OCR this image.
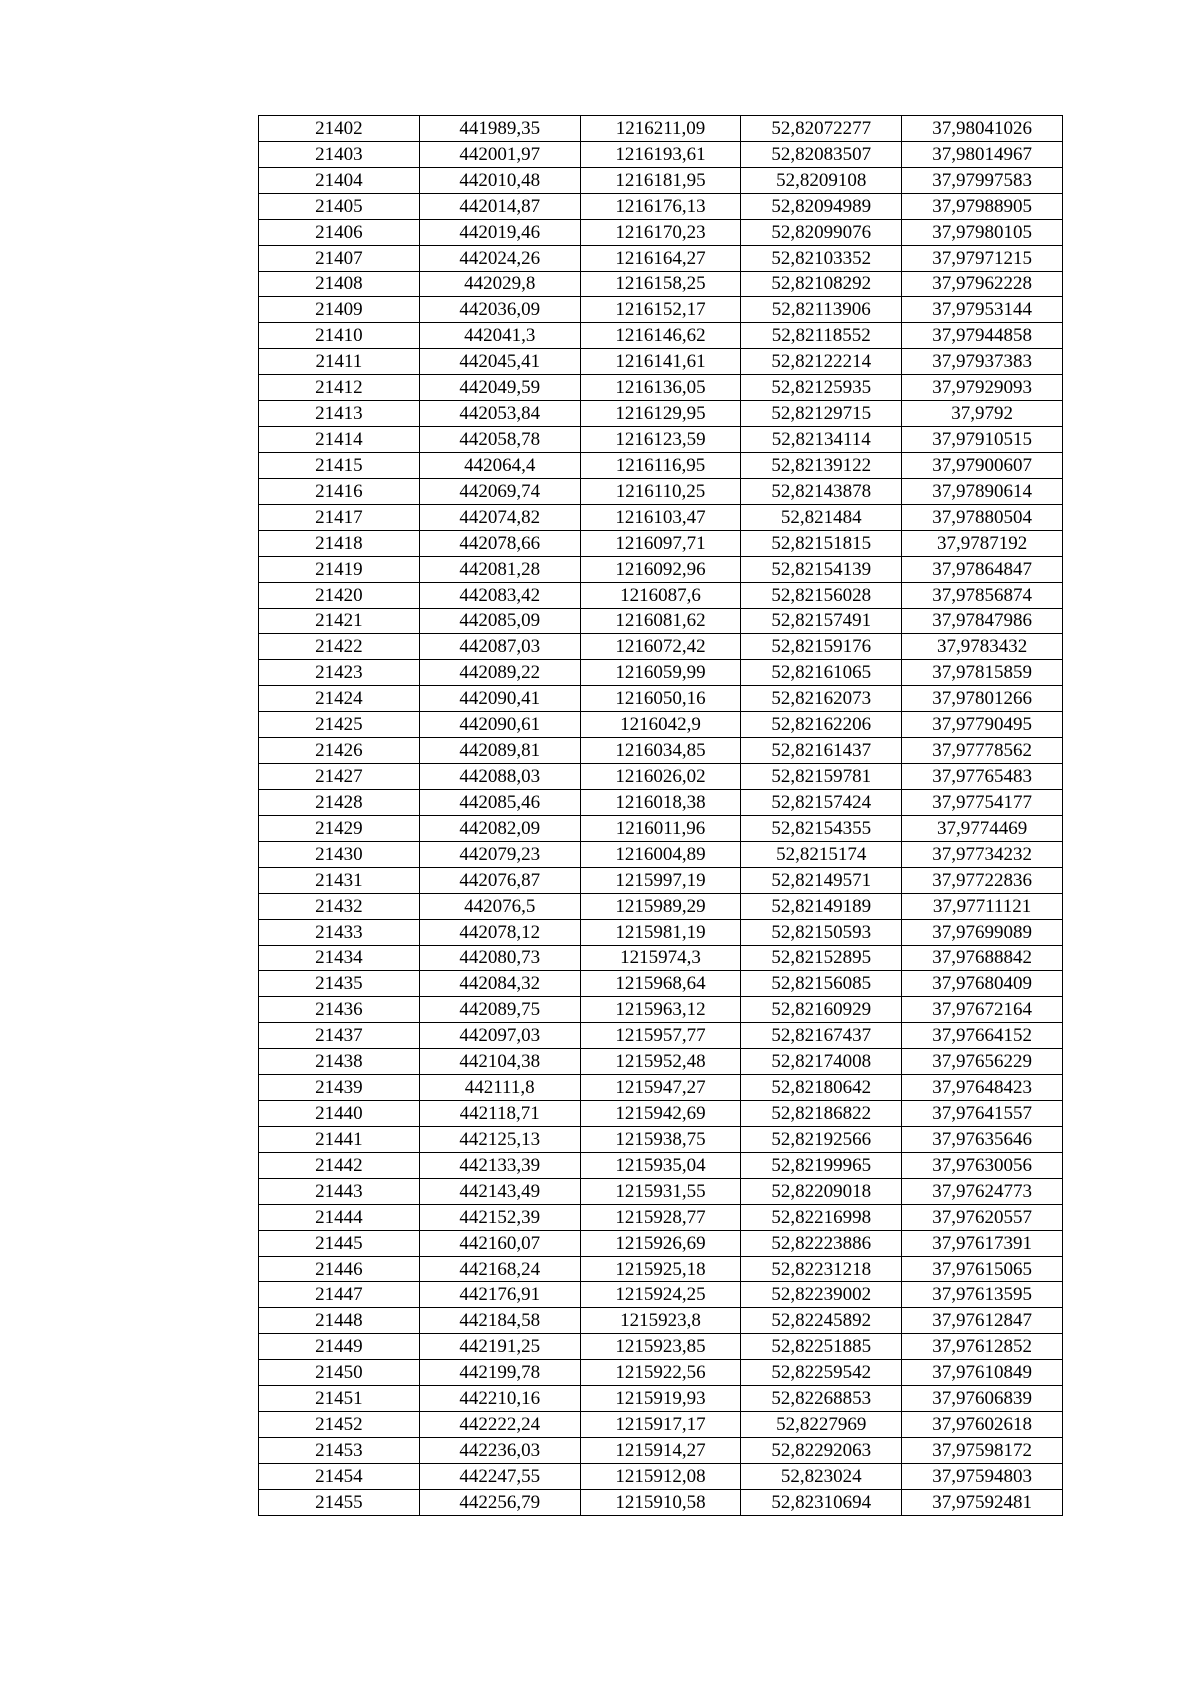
21402	441989,35	1216211,09	52,82072277	37,98041026
21403	442001,97	1216193,61	52,82083507	37,98014967
21404	442010,48	1216181,95	52,8209108	37,97997583
21405	442014,87	1216176,13	52,82094989	37,97988905
21406	442019,46	1216170,23	52,82099076	37,97980105
21407	442024,26	1216164,27	52,82103352	37,97971215
21408	442029,8	1216158,25	52,82108292	37,97962228
21409	442036,09	1216152,17	52,82113906	37,97953144
21410	442041,3	1216146,62	52,82118552	37,97944858
21411	442045,41	1216141,61	52,82122214	37,97937383
21412	442049,59	1216136,05	52,82125935	37,97929093
21413	442053,84	1216129,95	52,82129715	37,9792
21414	442058,78	1216123,59	52,82134114	37,97910515
21415	442064,4	1216116,95	52,82139122	37,97900607
21416	442069,74	1216110,25	52,82143878	37,97890614
21417	442074,82	1216103,47	52,821484	37,97880504
21418	442078,66	1216097,71	52,82151815	37,9787192
21419	442081,28	1216092,96	52,82154139	37,97864847
21420	442083,42	1216087,6	52,82156028	37,97856874
21421	442085,09	1216081,62	52,82157491	37,97847986
21422	442087,03	1216072,42	52,82159176	37,9783432
21423	442089,22	1216059,99	52,82161065	37,97815859
21424	442090,41	1216050,16	52,82162073	37,97801266
21425	442090,61	1216042,9	52,82162206	37,97790495
21426	442089,81	1216034,85	52,82161437	37,97778562
21427	442088,03	1216026,02	52,82159781	37,97765483
21428	442085,46	1216018,38	52,82157424	37,97754177
21429	442082,09	1216011,96	52,82154355	37,9774469
21430	442079,23	1216004,89	52,8215174	37,97734232
21431	442076,87	1215997,19	52,82149571	37,97722836
21432	442076,5	1215989,29	52,82149189	37,97711121
21433	442078,12	1215981,19	52,82150593	37,97699089
21434	442080,73	1215974,3	52,82152895	37,97688842
21435	442084,32	1215968,64	52,82156085	37,97680409
21436	442089,75	1215963,12	52,82160929	37,97672164
21437	442097,03	1215957,77	52,82167437	37,97664152
21438	442104,38	1215952,48	52,82174008	37,97656229
21439	442111,8	1215947,27	52,82180642	37,97648423
21440	442118,71	1215942,69	52,82186822	37,97641557
21441	442125,13	1215938,75	52,82192566	37,97635646
21442	442133,39	1215935,04	52,82199965	37,97630056
21443	442143,49	1215931,55	52,82209018	37,97624773
21444	442152,39	1215928,77	52,82216998	37,97620557
21445	442160,07	1215926,69	52,82223886	37,97617391
21446	442168,24	1215925,18	52,82231218	37,97615065
21447	442176,91	1215924,25	52,82239002	37,97613595
21448	442184,58	1215923,8	52,82245892	37,97612847
21449	442191,25	1215923,85	52,82251885	37,97612852
21450	442199,78	1215922,56	52,82259542	37,97610849
21451	442210,16	1215919,93	52,82268853	37,97606839
21452	442222,24	1215917,17	52,8227969	37,97602618
21453	442236,03	1215914,27	52,82292063	37,97598172
21454	442247,55	1215912,08	52,823024	37,97594803
21455	442256,79	1215910,58	52,82310694	37,97592481
